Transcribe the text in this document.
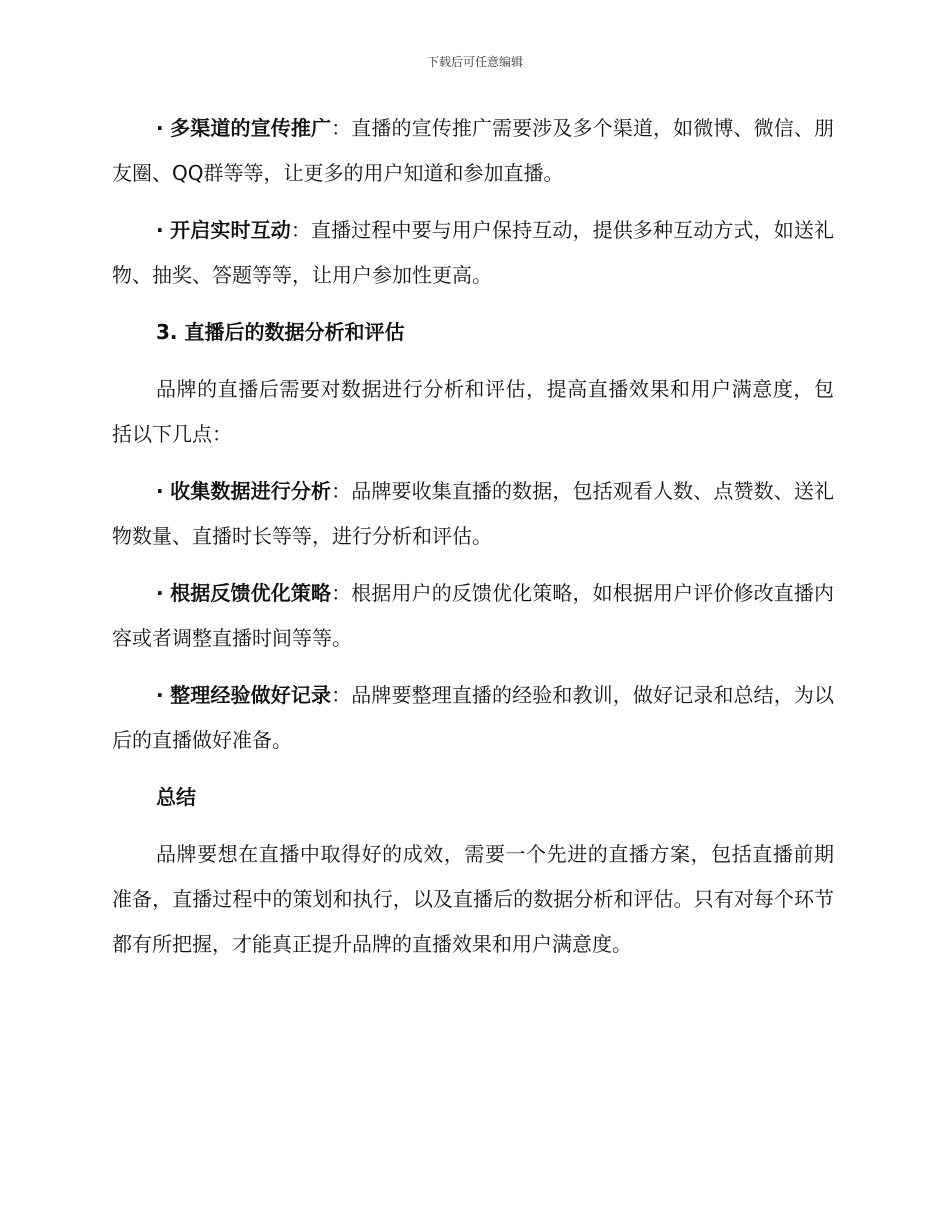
下载后可任意编辑

· 多渠道的宣传推广：直播的宣传推广需要涉及多个渠道，如微博、微信、朋友圈、QQ群等等，让更多的用户知道和参加直播。

· 开启实时互动：直播过程中要与用户保持互动，提供多种互动方式，如送礼物、抽奖、答题等等，让用户参加性更高。

3. 直播后的数据分析和评估

品牌的直播后需要对数据进行分析和评估，提高直播效果和用户满意度，包括以下几点：

· 收集数据进行分析：品牌要收集直播的数据，包括观看人数、点赞数、送礼物数量、直播时长等等，进行分析和评估。

· 根据反馈优化策略：根据用户的反馈优化策略，如根据用户评价修改直播内容或者调整直播时间等等。

· 整理经验做好记录：品牌要整理直播的经验和教训，做好记录和总结，为以后的直播做好准备。

总结

品牌要想在直播中取得好的成效，需要一个先进的直播方案，包括直播前期准备，直播过程中的策划和执行，以及直播后的数据分析和评估。只有对每个环节都有所把握，才能真正提升品牌的直播效果和用户满意度。
